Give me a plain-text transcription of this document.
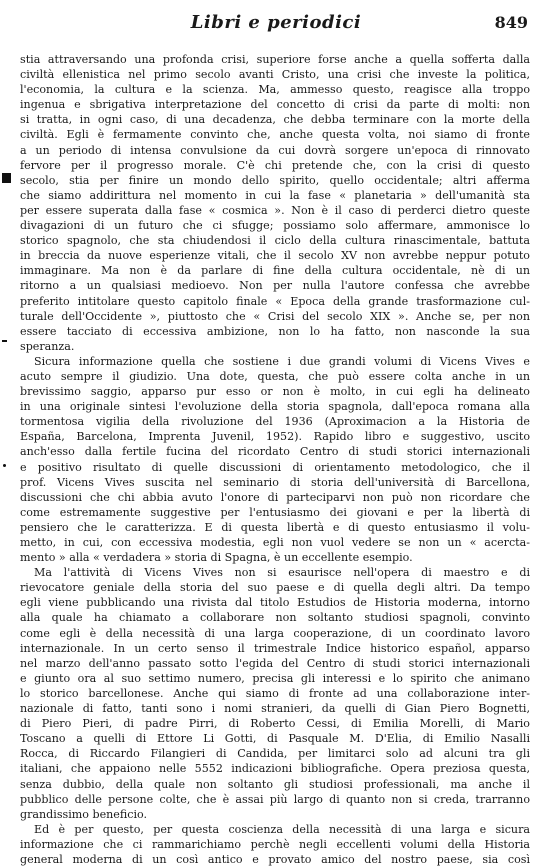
Libri e periodici	849
stia attraversando una profonda crisi, superiore forse anche a quella sofferta dalla
civiltà ellenistica nel primo secolo avanti Cristo, una crisi che investe la politica,
l'economia, la cultura e la scienza. Ma, ammesso questo, reagisce alla troppo
ingenua e sbrigativa interpretazione del concetto di crisi da parte di molti: non
si tratta, in ogni caso, di una decadenza, che debba terminare con la morte della
civiltà. Egli è fermamente convinto che, anche questa volta, noi siamo di fronte
a un periodo di intensa convulsione da cui dovrà sorgere un'epoca di rinnovato
fervore per il progresso morale. C'è chi pretende che, con la crisi di questo
secolo, stia per finire un mondo dello spirito, quello occidentale; altri afferma
che siamo addirittura nel momento in cui la fase « planetaria » dell'umanità sta
per essere superata dalla fase « cosmica ». Non è il caso di perderci dietro queste
divagazioni di un futuro che ci sfugge; possiamo solo affermare, ammonisce lo
storico spagnolo, che sta chiudendosi il ciclo della cultura rinascimentale, battuta
in breccia da nuove esperienze vitali, che il secolo XV non avrebbe neppur potuto
immaginare. Ma non è da parlare di fine della cultura occidentale, nè di un
ritorno a un qualsiasi medioevo. Non per nulla l'autore confessa che avrebbe
preferito intitolare questo capitolo finale « Epoca della grande trasformazione cul-
turale dell'Occidente », piuttosto che « Crisi del secolo XIX ». Anche se, per non
essere tacciato di eccessiva ambizione, non lo ha fatto, non nasconde la sua
speranza.
Sicura informazione quella che sostiene i due grandi volumi di Vicens Vives e
acuto sempre il giudizio. Una dote, questa, che può essere colta anche in un
brevissimo saggio, apparso pur esso or non è molto, in cui egli ha delineato
in una originale sintesi l'evoluzione della storia spagnola, dall'epoca romana alla
tormentosa vigilia della rivoluzione del 1936 (Aproximacion a la Historia de
España, Barcelona, Imprenta Juvenil, 1952). Rapido libro e suggestivo, uscito
anch'esso dalla fertile fucina del ricordato Centro di studi storici internazionali
e positivo risultato di quelle discussioni di orientamento metodologico, che il
prof. Vicens Vives suscita nel seminario di storia dell'università di Barcellona,
discussioni che chi abbia avuto l'onore di parteciparvi non può non ricordare che
come estremamente suggestive per l'entusiasmo dei giovani e per la libertà di
pensiero che le caratterizza. E di questa libertà e di questo entusiasmo il volu-
metto, in cui, con eccessiva modestia, egli non vuol vedere se non un « acercta-
mento » alla « verdadera » storia di Spagna, è un eccellente esempio.
Ma l'attività di Vicens Vives non si esaurisce nell'opera di maestro e di
rievocatore geniale della storia del suo paese e di quella degli altri. Da tempo
egli viene pubblicando una rivista dal titolo Estudios de Historia moderna, intorno
alla quale ha chiamato a collaborare non soltanto studiosi spagnoli, convinto
come egli è della necessità di una larga cooperazione, di un coordinato lavoro
internazionale. In un certo senso il trimestrale Indice historico español, apparso
nel marzo dell'anno passato sotto l'egida del Centro di studi storici internazionali
e giunto ora al suo settimo numero, precisa gli interessi e lo spirito che animano
lo storico barcellonese. Anche qui siamo di fronte ad una collaborazione inter-
nazionale di fatto, tanti sono i nomi stranieri, da quelli di Gian Piero Bognetti,
di Piero Pieri, di padre Pirri, di Roberto Cessi, di Emilia Morelli, di Mario
Toscano a quelli di Ettore Li Gotti, di Pasquale M. D'Elia, di Emilio Nasalli
Rocca, di Riccardo Filangieri di Candida, per limitarci solo ad alcuni tra gli
italiani, che appaiono nelle 5552 indicazioni bibliografiche. Opera preziosa questa,
senza dubbio, della quale non soltanto gli studiosi professionali, ma anche il
pubblico delle persone colte, che è assai più largo di quanto non si creda, trarranno
grandissimo beneficio.
Ed è per questo, per questa coscienza della necessità di una larga e sicura
informazione che ci rammarichiamo perchè negli eccellenti volumi della Historia
general moderna di un così antico e provato amico del nostro paese, sia così
